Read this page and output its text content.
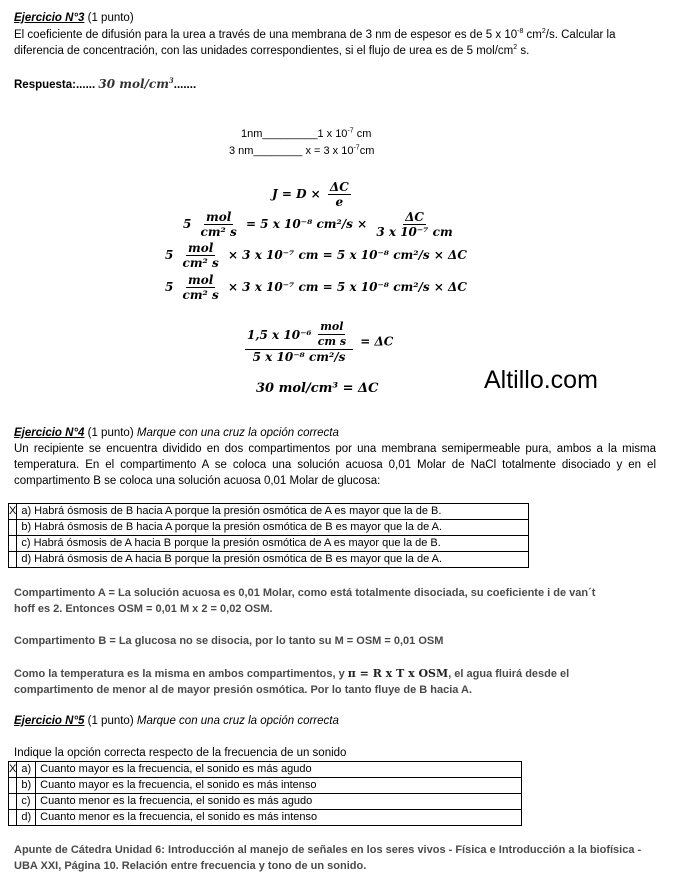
Ejercicio N°3 (1 punto)

El coeficiente de difusión para la urea a través de una membrana de 3 nm de espesor es de 5 x $10^{-8}$ $cm^2/s$. Calcular la diferencia de concentración, con las unidades correspondientes, si el flujo de urea es de 5 mol/$cm^2$ s.

Respuesta:...... 30 mol/$cm^3$.......

1nm_________1 x $10^{-7}$ cm
3 nm________ x = 3 x $10^{-7}cm$
$J = D \times \frac{\Delta C}{e}$
$5 \frac{\text{mol}}{\text{cm² s}} = 5$ x 10⁻⁸ $cm^2/s \times \frac{\Delta C}{\text{3 x 10⁻⁷ cm}}$
$5 \frac{\text{mol}}{\text{cm² s}} \times 3$ x 10⁻⁷ cm = 5 x 10⁻⁸ cm²/s × ΔC
$5 \frac{\text{mol}}{\text{cm² s}} \times 3$ x 10⁻⁷ cm = 5 x 10⁻⁸ cm²/s × ΔC
$\frac{1,5 x 10^{-6} \frac{\text{mol}}{\text{cm s}}}{\text{5 x 10⁻⁸ cm²/s}} = \Delta C$
30 mol/cm³ = ΔC	Altillo.com

Ejercicio N°4 (1 punto) Marque con una cruz la opción correcta

Un recipiente se encuentra dividido en dos compartimentos por una membrana semipermeable pura, ambos a la misma temperatura. En el compartimento A se coloca una solución acuosa 0,01 Molar de NaCl totalmente disociado y en el compartimento B se coloca una solución acuosa 0,01 Molar de glucosa:

X	a) Habrá ósmosis de B hacia A porque la presión osmótica de A es mayor que la de B.
	b) Habrá ósmosis de B hacia A porque la presión osmótica de B es mayor que la de A.
	c) Habrá ósmosis de A hacia B porque la presión osmótica de A es mayor que la de B.
	d) Habrá ósmosis de A hacia B porque la presión osmótica de B es mayor que la de A.

Compartimento A = La solución acuosa es 0,01 Molar, como está totalmente disociada, su coeficiente i de van´t hoff es 2. Entonces OSM = 0,01 M x 2 = 0,02 OSM.

Compartimento B = La glucosa no se disocia, por lo tanto su M = OSM = 0,01 OSM

Como la temperatura es la misma en ambos compartimentos, y π = R x T x OSM, el agua fluirá desde el compartimento de menor al de mayor presión osmótica. Por lo tanto fluye de B hacia A.

Ejercicio N°5 (1 punto) Marque con una cruz la opción correcta

Indique la opción correcta respecto de la frecuencia de un sonido

X	a)	Cuanto mayor es la frecuencia, el sonido es más agudo
	b)	Cuanto mayor es la frecuencia, el sonido es más intenso
	c)	Cuanto menor es la frecuencia, el sonido es más agudo
	d)	Cuanto menor es la frecuencia, el sonido es más intenso

Apunte de Cátedra Unidad 6: Introducción al manejo de señales en los seres vivos - Física e Introducción a la biofísica - UBA XXI, Página 10. Relación entre frecuencia y tono de un sonido.
